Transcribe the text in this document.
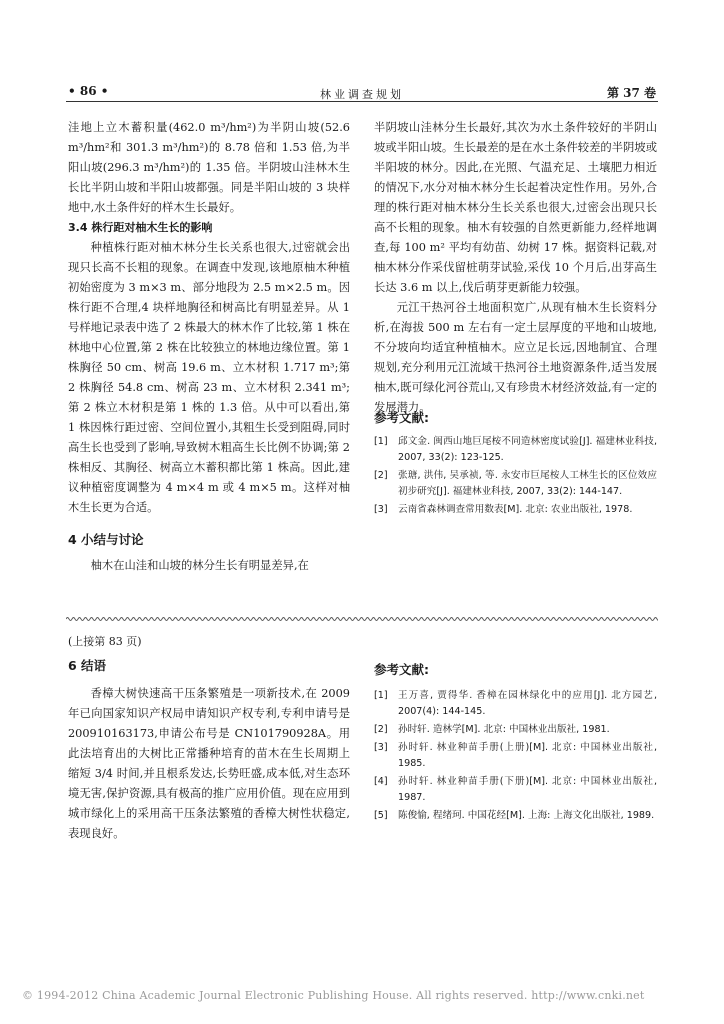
• 86 •	林业调查规划	第 37 卷

洼地上立木蓄积量(462.0 m³/hm²)为半阴山坡(52.6 m³/hm²和 301.3 m³/hm²)的 8.78 倍和 1.53 倍,为半阳山坡(296.3 m³/hm²)的 1.35 倍。半阴坡山洼林木生长比半阴山坡和半阳山坡都强。同是半阳山坡的 3 块样地中,水土条件好的样木生长最好。

3.4 株行距对柚木生长的影响

种植株行距对柚木林分生长关系也很大,过密就会出现只长高不长粗的现象。在调查中发现,该地原柚木种植初始密度为 3 m×3 m、部分地段为 2.5 m×2.5 m。因株行距不合理,4 块样地胸径和树高比有明显差异。从 1 号样地记录表中选了 2 株最大的林木作了比较,第 1 株在林地中心位置,第 2 株在比较独立的林地边缘位置。第 1 株胸径 50 cm、树高 19.6 m、立木材积 1.717 m³;第 2 株胸径 54.8 cm、树高 23 m、立木材积 2.341 m³;第 2 株立木材积是第 1 株的 1.3 倍。从中可以看出,第 1 株因株行距过密、空间位置小,其粗生长受到阻碍,同时高生长也受到了影响,导致树木粗高生长比例不协调;第 2 株相反、其胸径、树高立木蓄积都比第 1 株高。因此,建议种植密度调整为 4 m×4 m 或 4 m×5 m。这样对柚木生长更为合适。

4 小结与讨论

柚木在山洼和山坡的林分生长有明显差异,在

半阴坡山洼林分生长最好,其次为水土条件较好的半阴山坡或半阳山坡。生长最差的是在水土条件较差的半阴坡或半阳坡的林分。因此,在光照、气温充足、土壤肥力相近的情况下,水分对柚木林分生长起着决定性作用。另外,合理的株行距对柚木林分生长关系也很大,过密会出现只长高不长粗的现象。柚木有较强的自然更新能力,经样地调查,每 100 m² 平均有幼苗、幼树 17 株。据资料记载,对柚木林分作采伐留桩萌芽试验,采伐 10 个月后,出芽高生长达 3.6 m 以上,伐后萌芽更新能力较强。

元江干热河谷土地面积宽广,从现有柚木生长资料分析,在海拔 500 m 左右有一定土层厚度的平地和山坡地,不分坡向均适宜种植柚木。应立足长远,因地制宜、合理规划,充分利用元江流域干热河谷土地资源条件,适当发展柚木,既可绿化河谷荒山,又有珍贵木材经济效益,有一定的发展潜力。

参考文献:

[1] 邱文金. 闽西山地巨尾桉不同造林密度试验[J]. 福建林业科技, 2007, 33(2): 123-125.
[2] 张瑭, 洪伟, 吴承祯, 等. 永安市巨尾桉人工林生长的区位效应初步研究[J]. 福建林业科技, 2007, 33(2): 144-147.
[3] 云南省森林调查常用数表[M]. 北京: 农业出版社, 1978.

(上接第 83 页)

6 结语

香樟大树快速高干压条繁殖是一项新技术,在 2009 年已向国家知识产权局申请知识产权专利,专利申请号是 200910163173,申请公布号是 CN101790928A。用此法培育出的大树比正常播种培育的苗木在生长周期上缩短 3/4 时间,并且根系发达,长势旺盛,成本低,对生态环境无害,保护资源,具有极高的推广应用价值。现在应用到城市绿化上的采用高干压条法繁殖的香樟大树性状稳定,表现良好。

参考文献:

[1] 王万喜, 贾得华. 香樟在园林绿化中的应用[J]. 北方园艺, 2007(4): 144-145.
[2] 孙时轩. 造林学[M]. 北京: 中国林业出版社, 1981.
[3] 孙时轩. 林业种苗手册(上册)[M]. 北京: 中国林业出版社, 1985.
[4] 孙时轩. 林业种苗手册(下册)[M]. 北京: 中国林业出版社, 1987.
[5] 陈俊愉, 程绪珂. 中国花经[M]. 上海: 上海文化出版社, 1989.
© 1994-2012 China Academic Journal Electronic Publishing House. All rights reserved. http://www.cnki.net
